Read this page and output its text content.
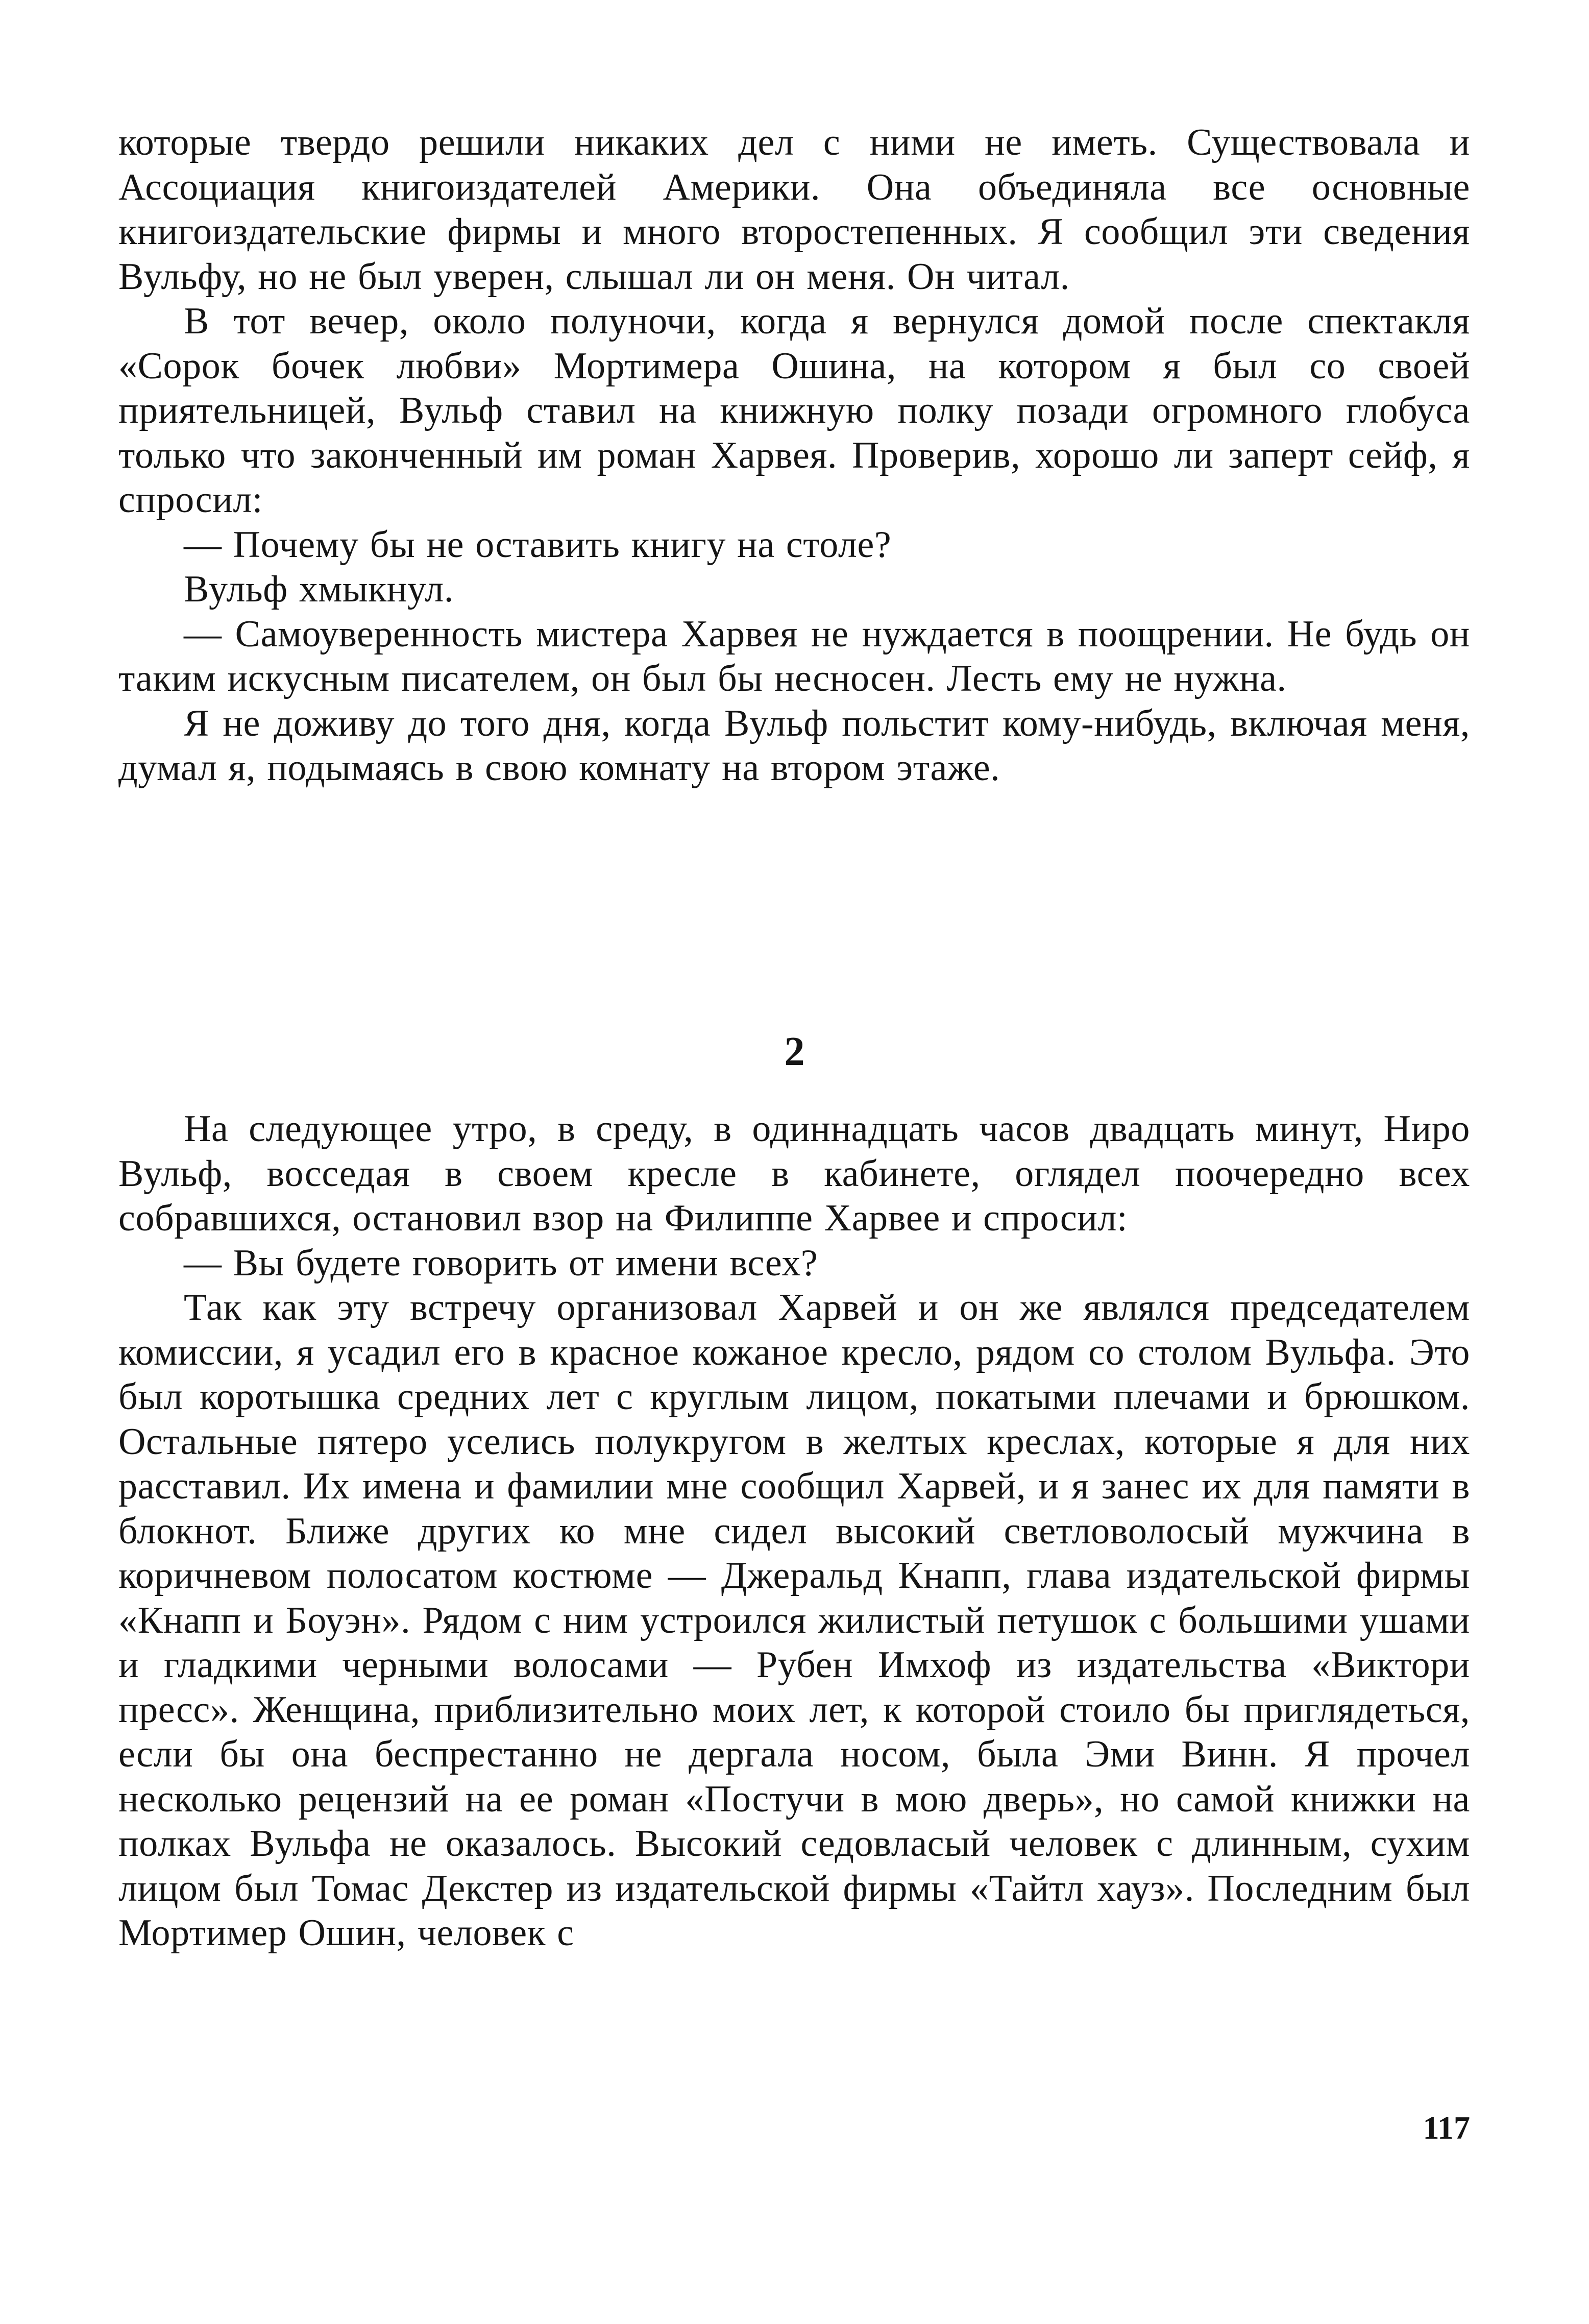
которые твердо решили никаких дел с ними не иметь. Существовала и Ассоциация книгоиздателей Америки. Она объединяла все основные книгоиздательские фирмы и много второстепенных. Я сообщил эти сведения Вульфу, но не был уверен, слышал ли он меня. Он читал.

В тот вечер, около полуночи, когда я вернулся домой после спектакля «Сорок бочек любви» Мортимера Ошина, на котором я был со своей приятельницей, Вульф ставил на книжную полку позади огромного глобуса только что законченный им роман Харвея. Проверив, хорошо ли заперт сейф, я спросил:

— Почему бы не оставить книгу на столе?

Вульф хмыкнул.

— Самоуверенность мистера Харвея не нуждается в поощрении. Не будь он таким искусным писателем, он был бы несносен. Лесть ему не нужна.

Я не доживу до того дня, когда Вульф польстит кому-нибудь, включая меня, думал я, подымаясь в свою комнату на втором этаже.

2

На следующее утро, в среду, в одиннадцать часов двадцать минут, Ниро Вульф, восседая в своем кресле в кабинете, оглядел поочередно всех собравшихся, остановил взор на Филиппе Харвее и спросил:

— Вы будете говорить от имени всех?

Так как эту встречу организовал Харвей и он же являлся председателем комиссии, я усадил его в красное кожаное кресло, рядом со столом Вульфа. Это был коротышка средних лет с круглым лицом, покатыми плечами и брюшком. Остальные пятеро уселись полукругом в желтых креслах, которые я для них расставил. Их имена и фамилии мне сообщил Харвей, и я занес их для памяти в блокнот. Ближе других ко мне сидел высокий светловолосый мужчина в коричневом полосатом костюме — Джеральд Кнапп, глава издательской фирмы «Кнапп и Боуэн». Рядом с ним устроился жилистый петушок с большими ушами и гладкими черными волосами — Рубен Имхоф из издательства «Виктори пресс». Женщина, приблизительно моих лет, к которой стоило бы приглядеться, если бы она беспрестанно не дергала носом, была Эми Винн. Я прочел несколько рецензий на ее роман «Постучи в мою дверь», но самой книжки на полках Вульфа не оказалось. Высокий седовласый человек с длинным, сухим лицом был Томас Декстер из издательской фирмы «Тайтл хауз». Последним был Мортимер Ошин, человек с

117
